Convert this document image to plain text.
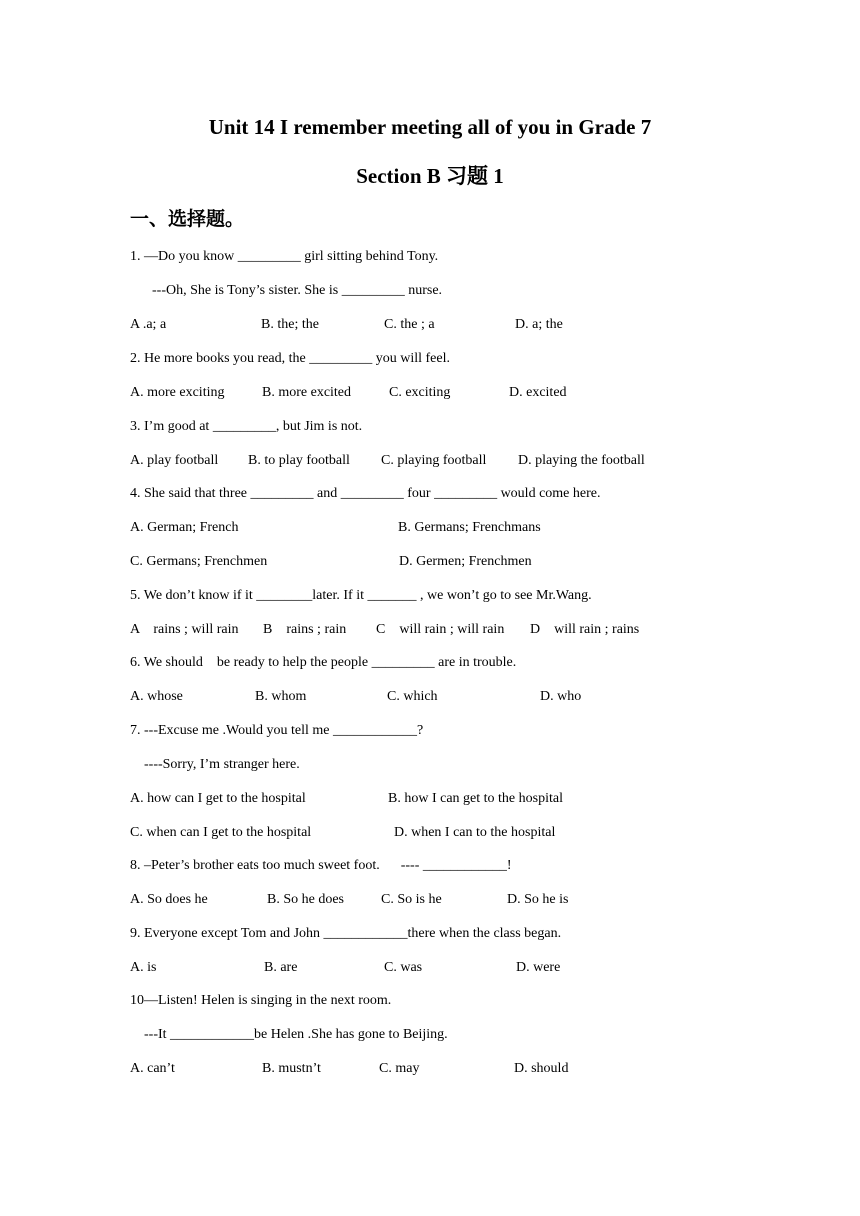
Unit 14 I remember meeting all of you in Grade 7
Section B 习题 1
一、选择题。
1. —Do you know _________ girl sitting behind Tony.
---Oh, She is Tony’s sister. She is _________ nurse.
A .a; a	B. the; the	C. the ; a	D. a; the
2. He more books you read, the _________ you will feel.
A. more exciting	B. more excited	C. exciting	D. excited
3. I’m good at _________, but Jim is not.
A. play football B. to play football C. playing football D. playing the football
4. She said that three _________ and _________ four _________ would come here.
A. German; French	B. Germans; Frenchmans
C. Germans; Frenchmen	D. Germen; Frenchmen
5. We don’t know if it ________later. If it _______ , we won’t go to see Mr.Wang.
A    rains ; will rain B    rains ; rain C    will rain ; will rain D    will rain ; rains
6. We should    be ready to help the people _________ are in trouble.
A. whose	B. whom	C. which	D. who
7. ---Excuse me .Would you tell me ____________?
----Sorry, I’m stranger here.
A. how can I get to the hospital	B. how I can get to the hospital
C. when can I get to the hospital	D. when I can to the hospital
8. –Peter’s brother eats too much sweet foot.      ---- ____________!
A. So does he	B. So he does	C. So is he	D. So he is
9. Everyone except Tom and John ____________there when the class began.
A. is	B. are	C. was	D. were
10—Listen! Helen is singing in the next room.
---It ____________be Helen .She has gone to Beijing.
A. can’t	B. mustn’t	C. may	D. should
